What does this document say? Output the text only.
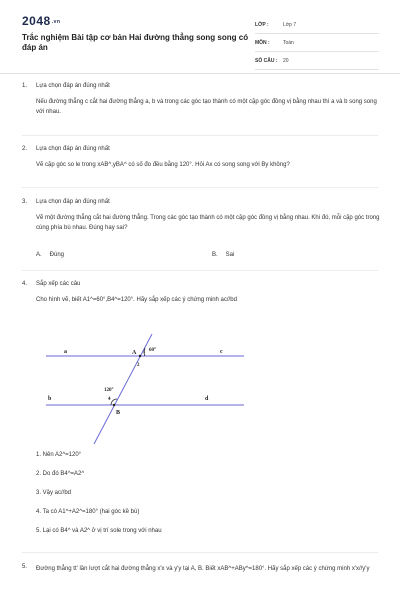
2048.vn
Trắc nghiệm Bài tập cơ bản Hai đường thẳng song song có đáp án
LỚP :	Lớp 7
MÔN :	Toán
SỐ CÂU :	20
1.	Lựa chọn đáp án đúng nhất
Nếu đường thẳng c cắt hai đường thẳng a, b và trong các góc tạo thành có một cặp góc đồng vị bằng nhau thì a và b song song với nhau.
2.	Lựa chọn đáp án đúng nhất
Vẽ cặp góc so le trong xAB^,yBA^ có số đo đều bằng 120°. Hỏi Ax có song song với By không?
3.	Lựa chọn đáp án đúng nhất
Vẽ một đường thẳng cắt hai đường thẳng. Trong các góc tạo thành có một cặp góc đồng vị bằng nhau. Khi đó, mỗi cặp góc trong cùng phía bù nhau. Đúng hay sai?
A. Đúng	B. Sai
4.	Sắp xếp các câu
Cho hình vẽ, biết A1^=60°,B4^=120°. Hãy sắp xếp các ý chứng minh ac//bd
a	c
b	d
A
B
1
2
4
60°
120°
1. Nên A2^=120°
2. Do đó B4^=A2^
3. Vậy ac//bd
4. Ta có A1^+A2^=180° (hai góc kề bù)
5. Lại có B4^ và A2^ ở vị trí sole trong với nhau
5.	Đường thẳng tt' lần lượt cắt hai đường thẳng x'x và y'y tại A, B. Biết xAB^+ABy^=180°. Hãy sắp xếp các ý chứng minh x'x//y'y
